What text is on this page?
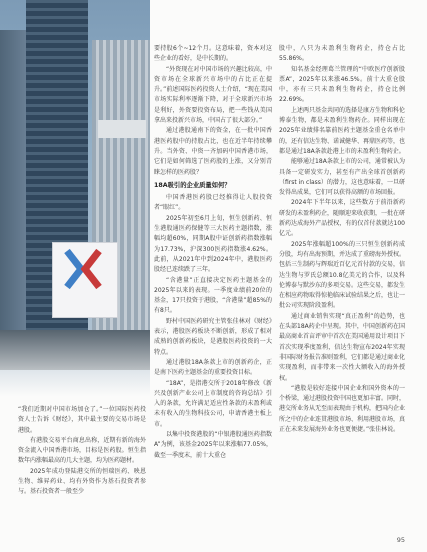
“我们近期对中国市场加仓了。”一位国际医药投资人士告诉《财经》，其中最主要的交易市场是港股。

有港股交易平台商息出称，近期有新的海外资金流入中国香港市场，目标是医药股。恒生指数年内涨幅最高的几大主题，均为医药题材。

2025年成功登陆港交所的恒瑞医药、映恩生物、维昇药业、均有外资作为基石投资者参与。基石投资者一般至少

要持股6个~12个月。这意味着，资本对这些企业的看好，是中长期的。

“外资现在对中国市场的兴趣比较高，中资市场在全球新兴市场中的占比正在提升。”前述国际医药投资人士介绍，“现在美国市场实际利率逐渐下降，对于全球新兴市场是利好，外资要投资布局，把一些钱从美国拿出来投新兴市场，中国占了很大部分。”

通过港股通南下的资金，在一批中国香港医药股中的持股占比，也在近半年持续攀升。当外资、中资一齐加码中国香港市场，它们是如何筛选了医药股的上涨，又分别青睐怎样的医药股？

18A吸引的企业质量如何？

中国香港医药股已经推得让人股投资者“眼红”。

2025年初至6月上旬，恒生创新药、恒生港股通医药保健等三大医药主题指数，涨幅均超60%，同期A股中证创新药指数涨幅为17.73%，沪深300医药指数涨4.62%。此前，从2021年中到2024年中，港股医药股经已连续跌了三年。

“含港量”正直接决定医药主题基金的2025年以来的表现。一季度业绩前20位的基金，17只投资于港股，“含港量”超85%的有8只。

野村中国医药研究主管张佳林对《财经》表示，港股医药板块不断创新，形成了相对成熟的创新药板块，是港股医药投资的一大特点。

通过港股18A条款上市的创新药企，正是南下医药主题基金的重要投资目标。

“18A”，是指港交所于2018年修改《新兴及创新产业公司上市制度的咨询总结》引入的条款，允许满足适应性条款的未盈利或未有收入的生物科技公司，申请香港主板上市。

以集中投资港股的“中银港股通医药指数A”为例，该基金2025年以来涨幅77.05%，截至一季度末，前十大重仓

股中，八只为未盈利生物药企，持仓占比55.86%。

知名基金经理葛兰管理的“中欧医疗创新股票A”，2025年以来涨46.5%。前十大重仓股中，亦有三只未盈利生物药企，持仓比例22.69%。

上述两只基金共同的选择是康方生物和科伦博泰生物，都是未盈利生物药企。同样出现在2025年业绩排名靠前医药主题基金重仓名单中的，还有信达生物、诺诚健华、再鼎医药等，也都是通过18A条款赴港上市的未盈利生物药企。

能够通过18A条款上市的公司，通常被认为具备一定研发实力，甚至有产出全球首创新药（first in class）的潜力，这也意味着，一旦研发得出成果，它们可以获得高额的市场回报。

2024年下半年以来，这些数方于前沿新药研发的未盈利药企，随顺迎来收获期，一批在研新药达成海外产品授权，有的仅首付款就达100亿元。

2025年涨幅超100%的三只恒生创新药成分股，均有出海预期，并达成了重磅海外授权。包括三生制药与辉瑞近百亿元首付款的交易，信达生物与罗氏总额10.8亿美元的合作，以及科伦博泰与默沙东的多项交易。这些交易，都发生在相应药物取得惊艳临床试验结果之后，也让一批公司实现阶段盈利。

通过商业销售实现“真正盈利”的趋势，也在头部18A药企中呈现。其中，中国创新药在国最高商业首亩评审中首次在美国通用设计项目下首次实现季度盈利，信达生物宣布2024年实现非国际财务报告准则盈利，它们都是通过商业化实现盈利，而非带来一次性大额收入的海外授权。

“港股是较好连接中国企业和国外资本的一个桥梁，通过港股投资中国也更加丰富。同时，港交所业务从无至而表现由于机构，把国内企业所之中的企业连贯港股市场、利用港股市场，真正在未来发展海外业务也更便捷。”张佳林说。

95
